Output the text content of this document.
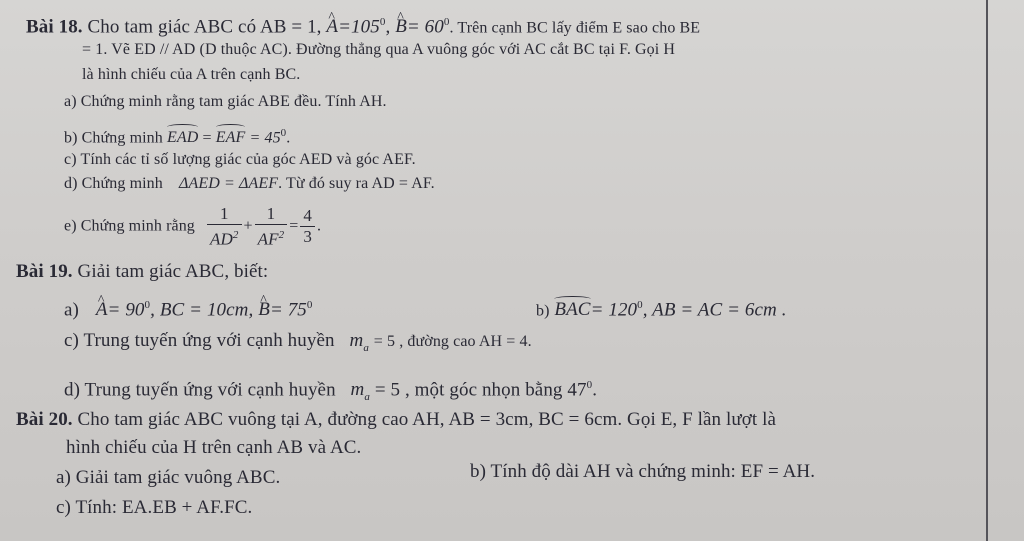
Bài 18. Cho tam giác ABC có AB = 1, ^ $A=105^0$, ^ $B= 60^0$. Trên cạnh BC lấy điểm E sao cho BE
= 1. Vẽ ED // AD (D thuộc AC). Đường thẳng qua A vuông góc với AC cắt BC tại F. Gọi H
là hình chiếu của A trên cạnh BC.
a) Chứng minh rằng tam giác ABE đều. Tính AH.
b) Chứng minh EAD = EAF = $45^0$.
c) Tính các tỉ số lượng giác của góc AED và góc AEF.
d) Chứng minh ΔAED = ΔAEF. Từ đó suy ra AD = AF.
e) Chứng minh rằng $\frac{1}{AD^2} + \frac{1}{AF^2} = \frac{4}{3}$ .
Bài 19. Giải tam giác ABC, biết:
a) ^ $A= 90^0$, BC = 10cm, ^ $B= 75^0$	b) $BAC= 120^0$, AB = AC = 6cm .
c) Trung tuyến ứng với cạnh huyền $m_a = 5$ , đường cao AH = 4.
d) Trung tuyến ứng với cạnh huyền $m_a = 5$ , một góc nhọn bằng $47^0$.
Bài 20. Cho tam giác ABC vuông tại A, đường cao AH, AB = 3cm, BC = 6cm. Gọi E, F lần lượt là
hình chiếu của H trên cạnh AB và AC.
a) Giải tam giác vuông ABC.	b) Tính độ dài AH và chứng minh: EF = AH.
c) Tính: EA.EB + AF.FC.
